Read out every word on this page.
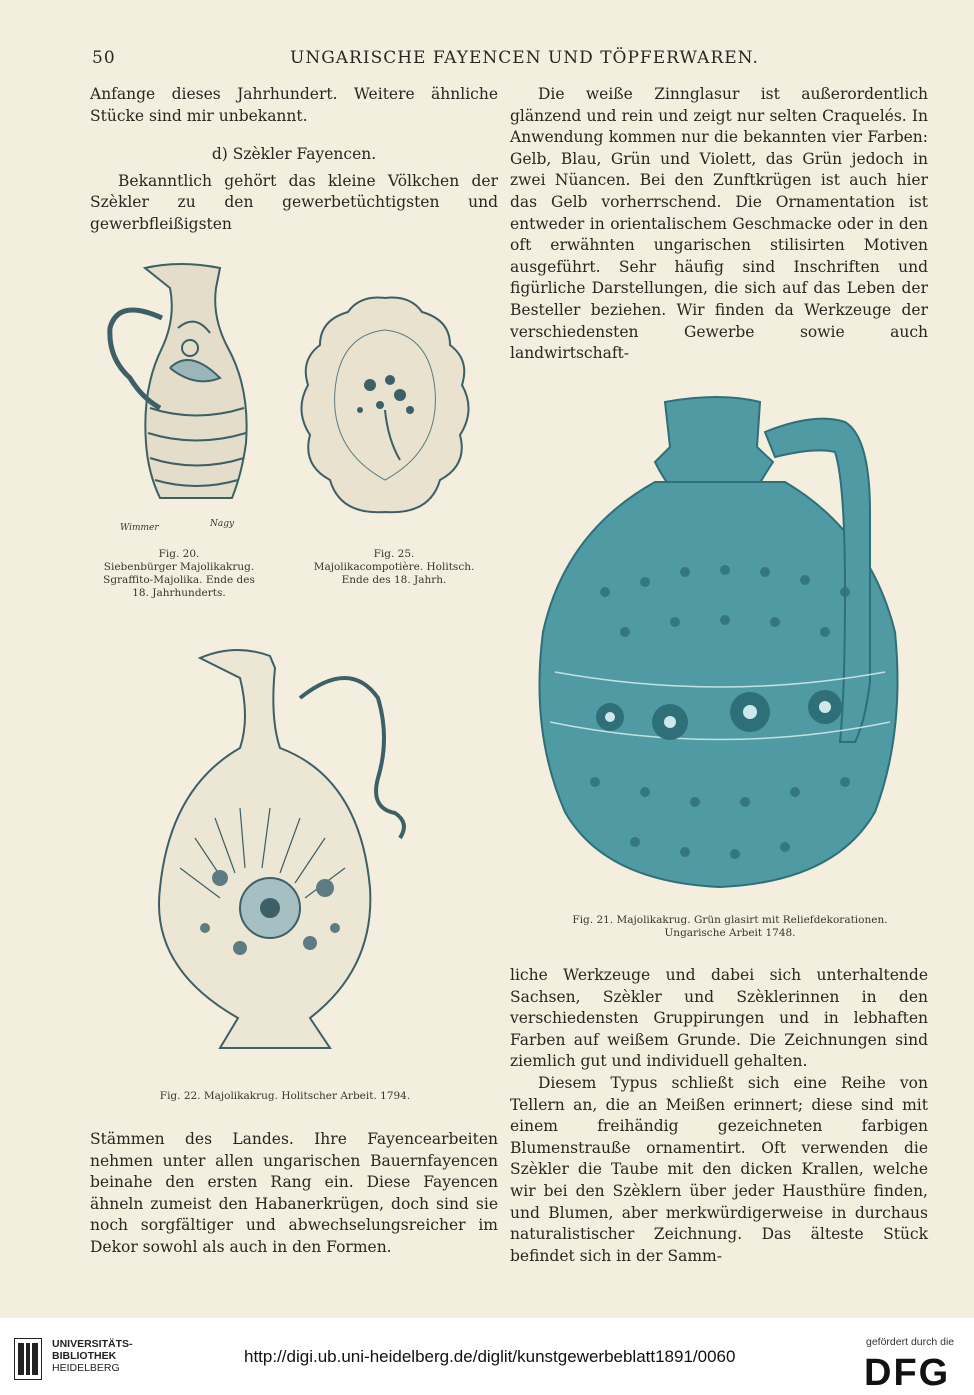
50	UNGARISCHE FAYENCEN UND TÖPFERWAREN.

Anfange dieses Jahrhundert. Weitere ähnliche Stücke sind mir unbekannt.

d) Szèkler Fayencen.

Bekanntlich gehört das kleine Völkchen der Szèkler zu den gewerbetüchtigsten und gewerbfleißigsten

Wimmer	Nagy
Fig. 20.
Siebenbürger Majolikakrug.
Sgraffito-Majolika. Ende des
18. Jahrhunderts.
Fig. 25.
Majolikacompotière. Holitsch.
Ende des 18. Jahrh.
Fig. 22. Majolikakrug. Holitscher Arbeit. 1794.

Stämmen des Landes. Ihre Fayencearbeiten nehmen unter allen ungarischen Bauernfayencen beinahe den ersten Rang ein. Diese Fayencen ähneln zumeist den Habanerkrügen, doch sind sie noch sorgfältiger und abwechselungsreicher im Dekor sowohl als auch in den Formen.

Die weiße Zinnglasur ist außerordentlich glänzend und rein und zeigt nur selten Craquelés. In Anwendung kommen nur die bekannten vier Farben: Gelb, Blau, Grün und Violett, das Grün jedoch in zwei Nüancen. Bei den Zunftkrügen ist auch hier das Gelb vorherrschend. Die Ornamentation ist entweder in orientalischem Geschmacke oder in den oft erwähnten ungarischen stilisirten Motiven ausgeführt. Sehr häufig sind Inschriften und figürliche Darstellungen, die sich auf das Leben der Besteller beziehen. Wir finden da Werkzeuge der verschiedensten Gewerbe sowie auch landwirtschaft-

Fig. 21. Majolikakrug. Grün glasirt mit Reliefdekorationen.
Ungarische Arbeit 1748.

liche Werkzeuge und dabei sich unterhaltende Sachsen, Szèkler und Szèklerinnen in den verschiedensten Gruppirungen und in lebhaften Farben auf weißem Grunde. Die Zeichnungen sind ziemlich gut und individuell gehalten.

Diesem Typus schließt sich eine Reihe von Tellern an, die an Meißen erinnert; diese sind mit einem freihändig gezeichneten farbigen Blumenstrauße ornamentirt. Oft verwenden die Szèkler die Taube mit den dicken Krallen, welche wir bei den Szèklern über jeder Hausthüre finden, und Blumen, aber merkwürdigerweise in durchaus naturalistischer Zeichnung. Das älteste Stück befindet sich in der Samm-

UNIVERSITÄTS-
BIBLIOTHEK
HEIDELBERG
http://digi.ub.uni-heidelberg.de/diglit/kunstgewerbeblatt1891/0060
gefördert durch die
DFG
